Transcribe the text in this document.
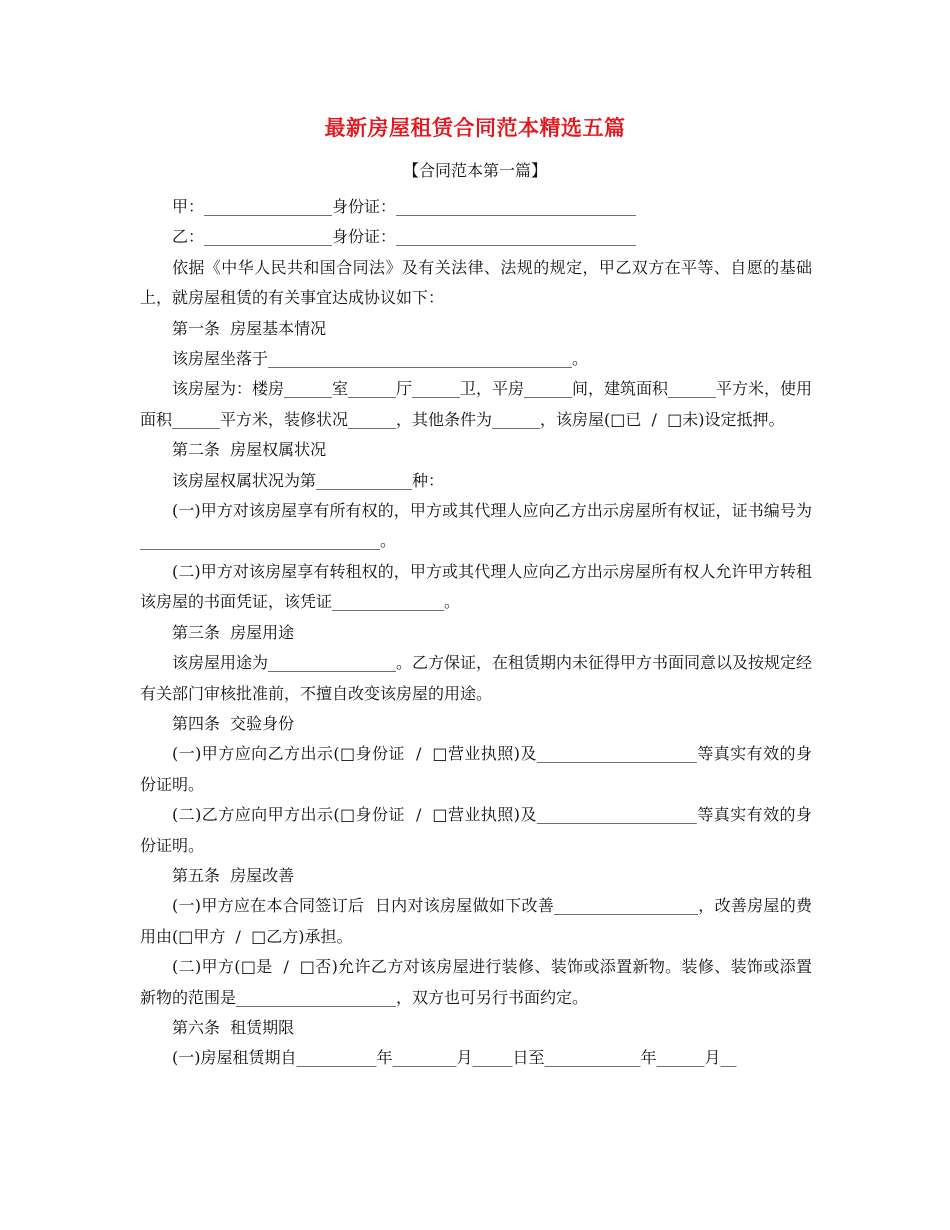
最新房屋租赁合同范本精选五篇
【合同范本第一篇】

甲：________________身份证：______________________________

乙：________________身份证：______________________________

依据《中华人民共和国合同法》及有关法律、法规的规定，甲乙双方在平等、自愿的基础上，就房屋租赁的有关事宜达成协议如下：

第一条  房屋基本情况

该房屋坐落于______________________________________。

该房屋为：楼房______室______厅______卫，平房______间，建筑面积______平方米，使用面积______平方米，装修状况______，其他条件为______，该房屋(□已  /  □未)设定抵押。

第二条  房屋权属状况

该房屋权属状况为第____________种：

(一)甲方对该房屋享有所有权的，甲方或其代理人应向乙方出示房屋所有权证，证书编号为______________________________。

(二)甲方对该房屋享有转租权的，甲方或其代理人应向乙方出示房屋所有权人允许甲方转租该房屋的书面凭证，该凭证______________。

第三条  房屋用途

该房屋用途为________________。乙方保证，在租赁期内未征得甲方书面同意以及按规定经有关部门审核批准前，不擅自改变该房屋的用途。

第四条  交验身份

(一)甲方应向乙方出示(□身份证  /  □营业执照)及____________________等真实有效的身份证明。

(二)乙方应向甲方出示(□身份证  /  □营业执照)及____________________等真实有效的身份证明。

第五条  房屋改善

(一)甲方应在本合同签订后  日内对该房屋做如下改善__________________，改善房屋的费用由(□甲方  /  □乙方)承担。

(二)甲方(□是  /  □否)允许乙方对该房屋进行装修、装饰或添置新物。装修、装饰或添置新物的范围是____________________，双方也可另行书面约定。

第六条  租赁期限

(一)房屋租赁期自__________年________月_____日至____________年______月__
